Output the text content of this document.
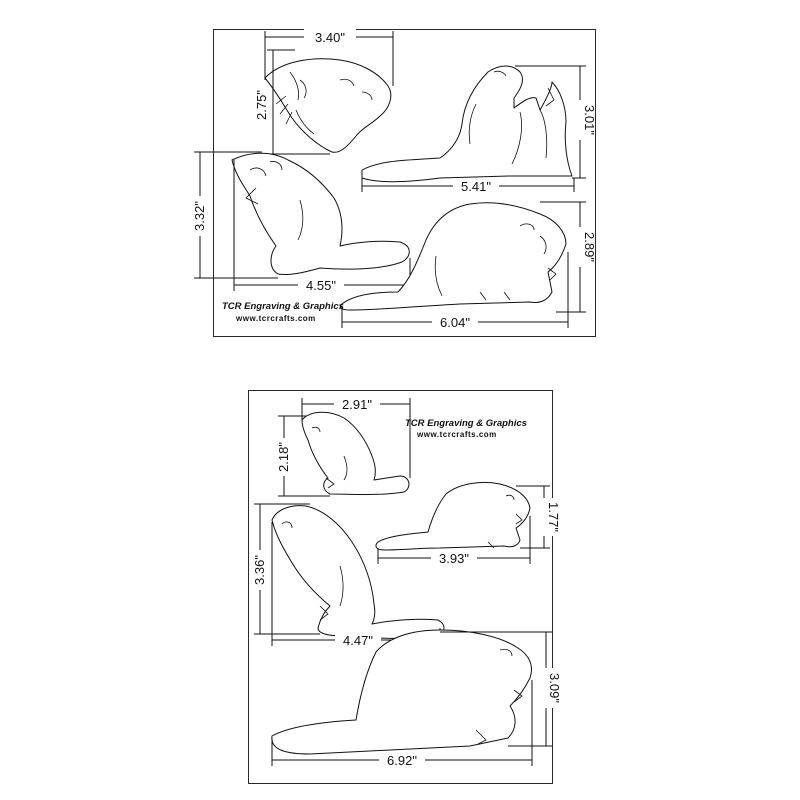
3.40"
2.75"
3.01"
5.41"
3.32"
4.55"
2.89"
6.04"
TCR Engraving & Graphics
www.tcrcrafts.com
2.91"
2.18"
TCR Engraving & Graphics
www.tcrcrafts.com
1.77"
3.93"
3.36"
4.47"
3.09"
6.92"
